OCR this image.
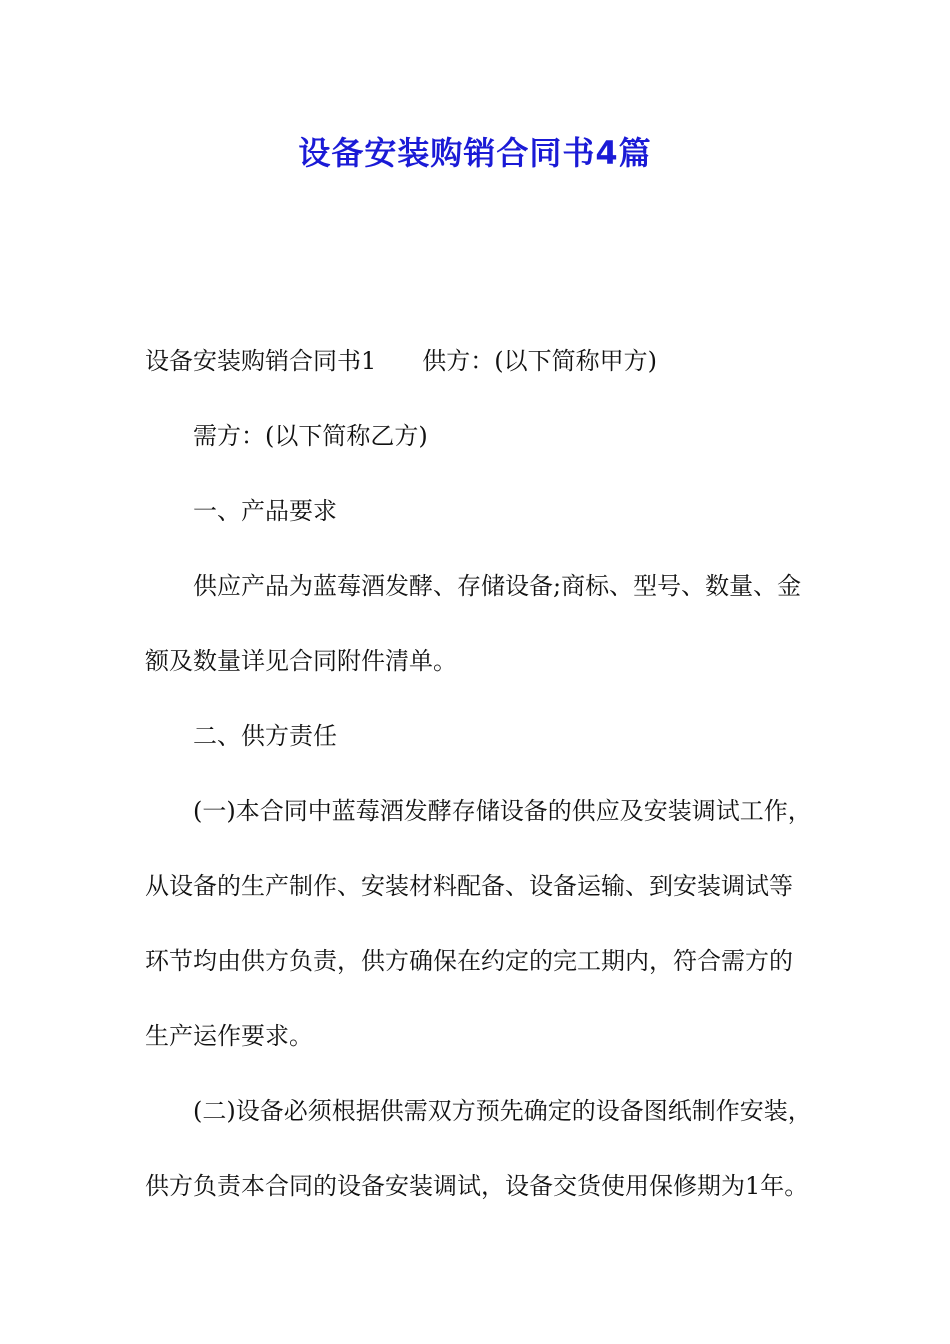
设备安装购销合同书4篇

设备安装购销合同书1 供方：(以下简称甲方)

需方：(以下简称乙方)

一、产品要求

供应产品为蓝莓酒发酵、存储设备;商标、型号、数量、金

额及数量详见合同附件清单。

二、供方责任

(一)本合同中蓝莓酒发酵存储设备的供应及安装调试工作，

从设备的生产制作、安装材料配备、设备运输、到安装调试等

环节均由供方负责，供方确保在约定的完工期内，符合需方的

生产运作要求。

(二)设备必须根据供需双方预先确定的设备图纸制作安装，

供方负责本合同的设备安装调试，设备交货使用保修期为1年。
